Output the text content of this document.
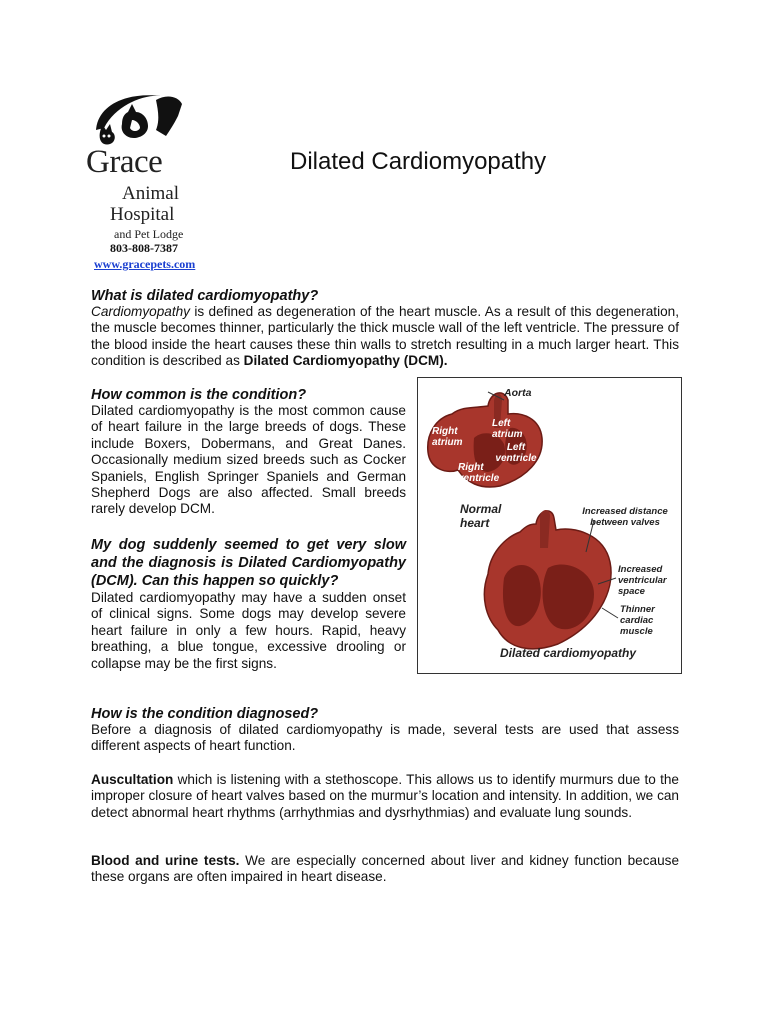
Grace
Animal
Hospital
and Pet Lodge
803-808-7387
www.gracepets.com
Dilated Cardiomyopathy

What is dilated cardiomyopathy?

Cardiomyopathy is defined as degeneration of the heart muscle. As a result of this degeneration, the muscle becomes thinner, particularly the thick muscle wall of the left ventricle. The pressure of the blood inside the heart causes these thin walls to stretch resulting in a much larger heart. This condition is described as Dilated Cardiomyopathy (DCM).

How common is the condition?

Dilated cardiomyopathy is the most common cause of heart failure in the large breeds of dogs. These include Boxers, Dobermans, and Great Danes. Occasionally medium sized breeds such as Cocker Spaniels, English Springer Spaniels and German Shepherd Dogs are also affected. Small breeds rarely develop DCM.

My dog suddenly seemed to get very slow and the diagnosis is Dilated Cardiomyopathy (DCM). Can this happen so quickly?

Dilated cardiomyopathy may have a sudden onset of clinical signs. Some dogs may develop severe heart failure in only a few hours. Rapid, heavy breathing, a blue tongue, excessive drooling or collapse may be the first signs.

Aorta
Right atrium
Left atrium
Left ventricle
Right ventricle
Normal heart
Increased distance between valves
Increased ventricular space
Thinner cardiac muscle
Dilated cardiomyopathy

How is the condition diagnosed?

Before a diagnosis of dilated cardiomyopathy is made, several tests are used that assess different aspects of heart function.

Auscultation which is listening with a stethoscope. This allows us to identify murmurs due to the improper closure of heart valves based on the murmur’s location and intensity. In addition, we can detect abnormal heart rhythms (arrhythmias and dysrhythmias) and evaluate lung sounds.

Blood and urine tests. We are especially concerned about liver and kidney function because these organs are often impaired in heart disease.
